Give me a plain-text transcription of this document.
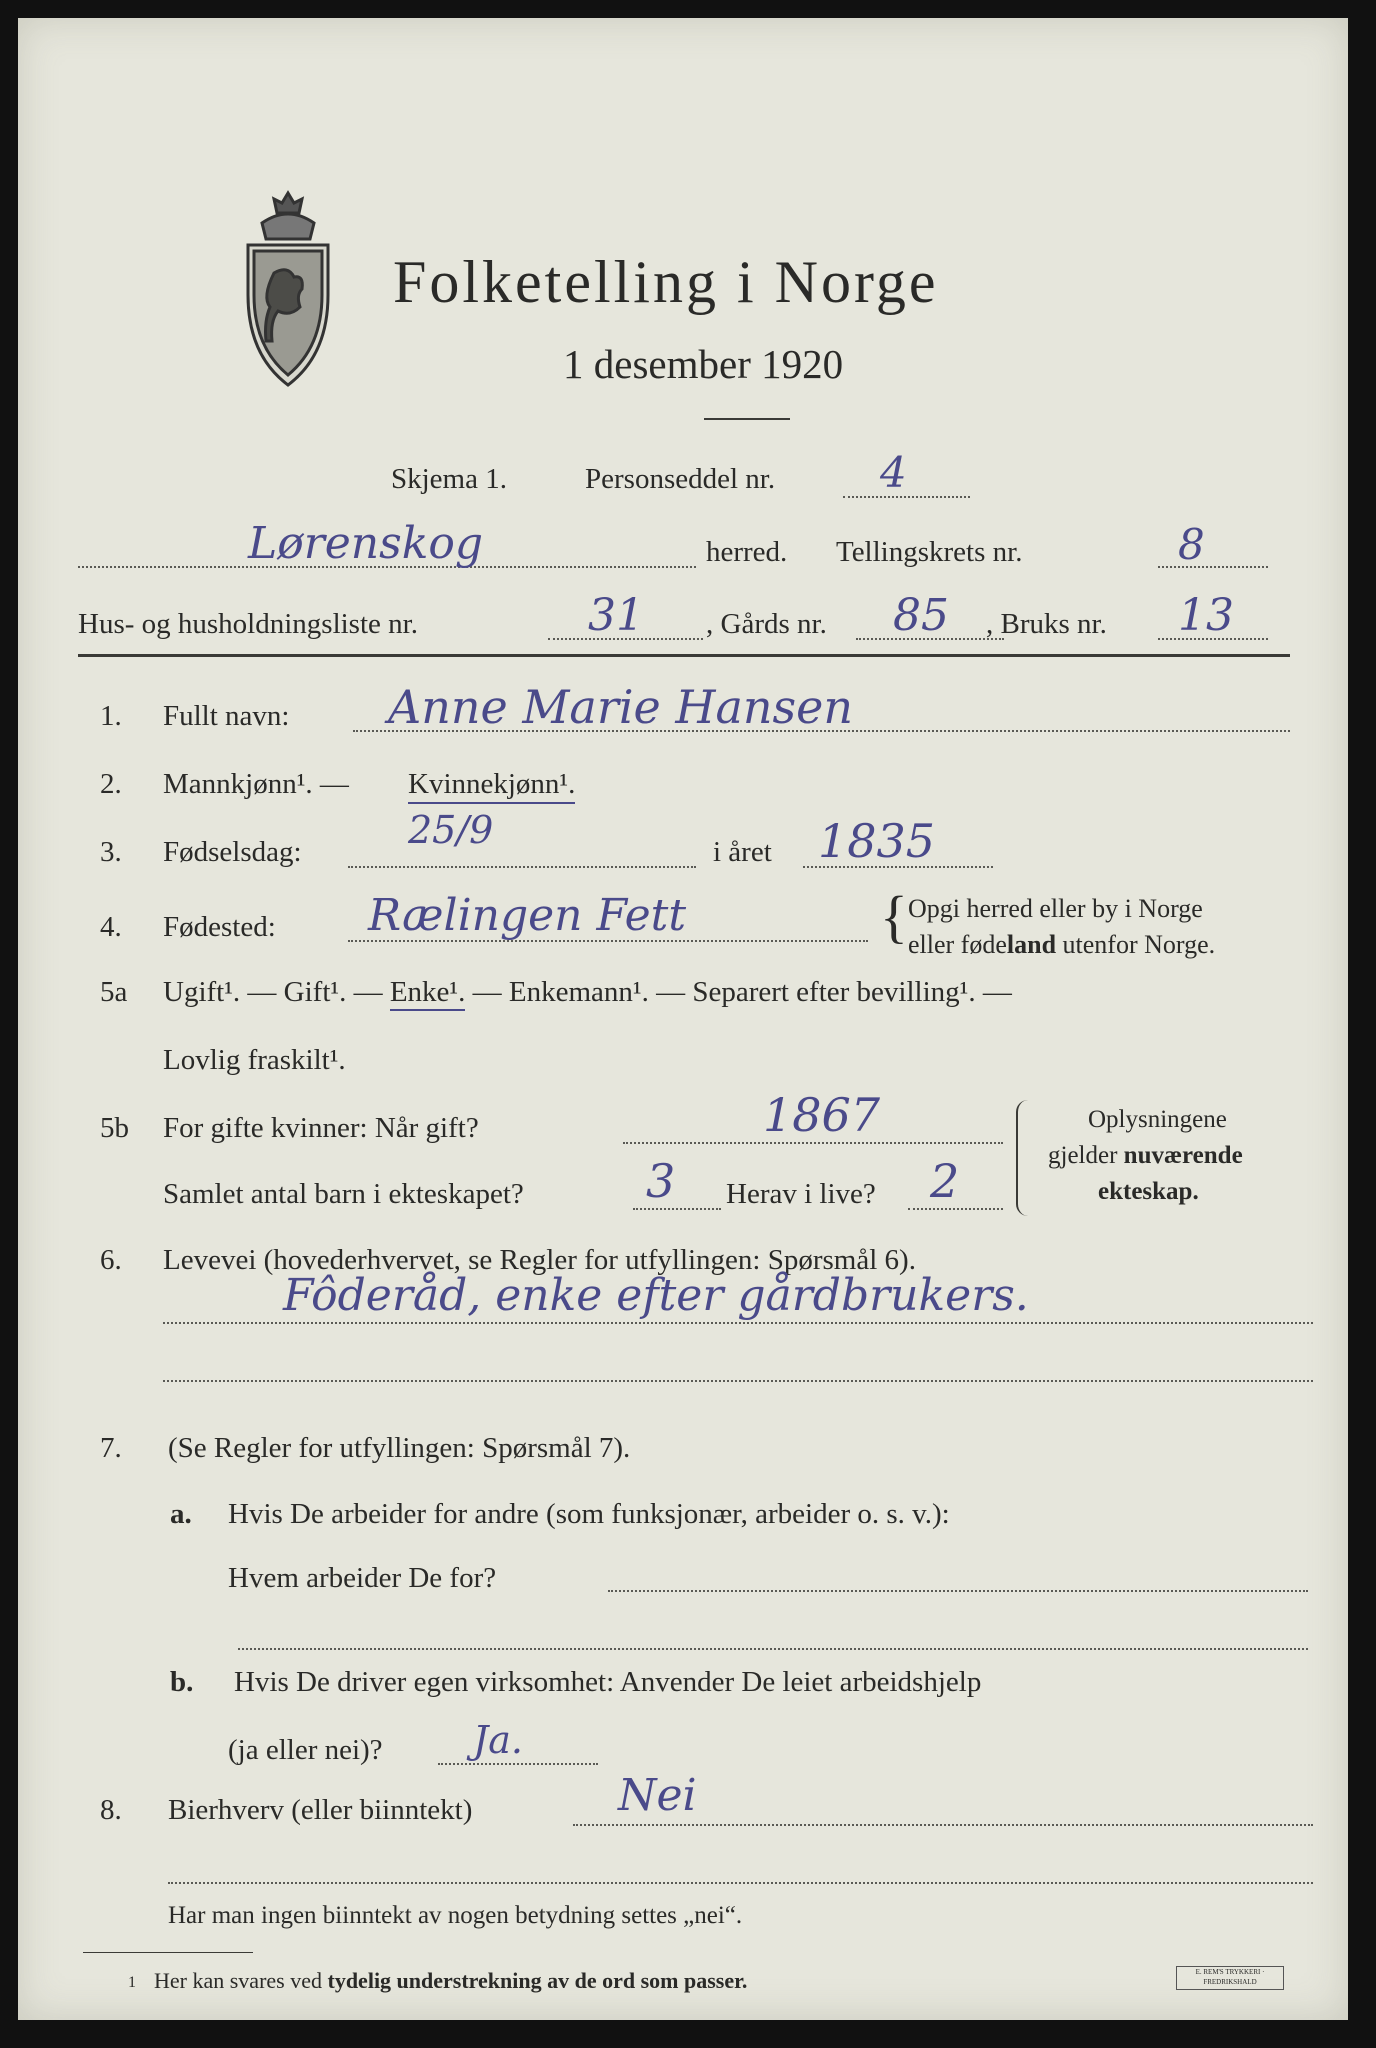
Folketelling i Norge
1 desember 1920
Skjema 1.	Personseddel nr. 4
Lørenskog	herred. Tellingskrets nr.	8
Hus- og husholdningsliste nr.	31 , Gårds nr. 85 , Bruks nr. 13
1. Fullt navn: Anne Marie Hansen
2. Mannkjønn¹. — Kvinnekjønn¹.
3. Fødselsdag:	25/9	i året 1835
4. Fødested: Rælingen Fett	{ Opgi herred eller by i Norge
eller fødeland utenfor Norge.
5a Ugift¹. — Gift¹. — Enke¹. — Enkemann¹. — Separert efter bevilling¹. —
Lovlig fraskilt¹.
5b For gifte kvinner: Når gift?	1867
Samlet antal barn i ekteskapet?	3 Herav i live? 2
Oplysningene
gjelder nuværende
ekteskap.
6. Levevei (hovederhvervet, se Regler for utfyllingen: Spørsmål 6).
Fôderåd, enke efter gårdbrukers.
7. (Se Regler for utfyllingen: Spørsmål 7).
a. Hvis De arbeider for andre (som funksjonær, arbeider o. s. v.):
Hvem arbeider De for?
b. Hvis De driver egen virksomhet: Anvender De leiet arbeidshjelp
(ja eller nei)? Ja.
8. Bierhverv (eller biinntekt)	Nei
Har man ingen biinntekt av nogen betydning settes „nei“.
1 Her kan svares ved tydelig understrekning av de ord som passer.	E. REM'S TRYKKERI · FREDRIKSHALD
